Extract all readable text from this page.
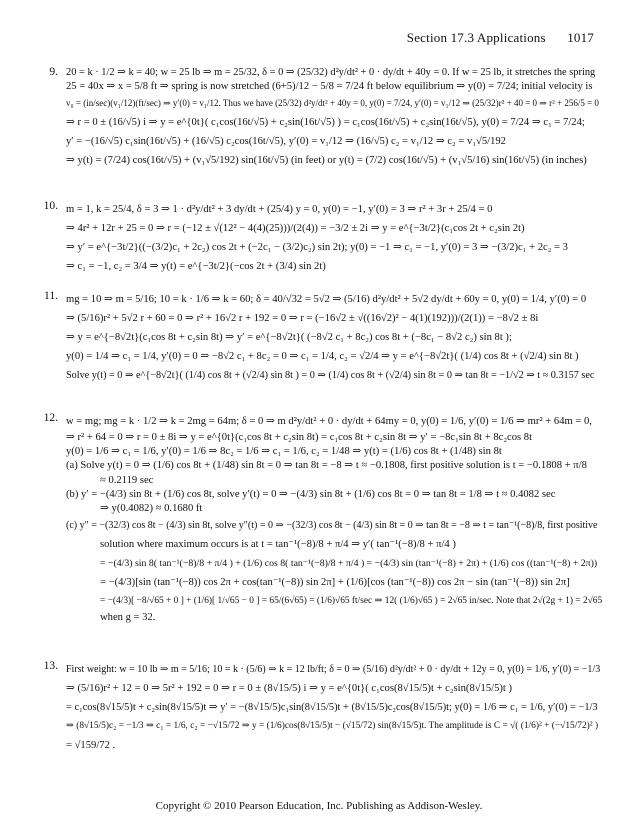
Section 17.3 Applications 1017
9. 20 = k · 1/2 ⇒ k = 40; w = 25 lb ⇒ m = 25/32, δ = 0 ⇒ (25/32) d²y/dt² + 0 · dy/dt + 40y = 0. If w = 25 lb, it stretches the spring
25 = 40x ⇒ x = 5/8 ft ⇒ spring is now stretched (6+5)/12 − 5/8 = 7/24 ft below equilibrium ⇒ y(0) = 7/24; initial velocity is
v₀ = (in/sec)(v₁/12)(ft/sec) ⇒ y′(0) = v₁/12. Thus we have (25/32) d²y/dt² + 40y = 0, y(0) = 7/24, y′(0) = v₁/12 ⇒ (25/32)r² + 40 = 0 ⇒ r² + 256/5 = 0
⇒ r = 0 ± (16/√5) i ⇒ y = e^{0t}( c₁cos(16t/√5) + c₂sin(16t/√5) ) = c₁cos(16t/√5) + c₂sin(16t/√5), y(0) = 7/24 ⇒ c₁ = 7/24;
y′ = −(16/√5) c₁sin(16t/√5) + (16/√5) c₂cos(16t/√5), y′(0) = v₁/12 ⇒ (16/√5) c₂ = v₁/12 ⇒ c₂ = v₁√5/192
⇒ y(t) = (7/24) cos(16t/√5) + (v₁√5/192) sin(16t/√5) (in feet) or y(t) = (7/2) cos(16t/√5) + (v₁√5/16) sin(16t/√5) (in inches)
10. m = 1, k = 25/4, δ = 3 ⇒ 1 · d²y/dt² + 3 dy/dt + (25/4) y = 0, y(0) = −1, y′(0) = 3 ⇒ r² + 3r + 25/4 = 0
⇒ 4r² + 12r + 25 = 0 ⇒ r = (−12 ± √(12² − 4(4)(25)))/(2(4)) = −3/2 ± 2i ⇒ y = e^{−3t/2}(c₁cos 2t + c₂sin 2t)
⇒ y′ = e^{−3t/2}((−(3/2)c₁ + 2c₂) cos 2t + (−2c₁ − (3/2)c₂) sin 2t); y(0) = −1 ⇒ c₁ = −1, y′(0) = 3 ⇒ −(3/2)c₁ + 2c₂ = 3
⇒ c₁ = −1, c₂ = 3/4 ⇒ y(t) = e^{−3t/2}(−cos 2t + (3/4) sin 2t)
11. mg = 10 ⇒ m = 5/16; 10 = k · 1/6 ⇒ k = 60; δ = 40/√32 = 5√2 ⇒ (5/16) d²y/dt² + 5√2 dy/dt + 60y = 0, y(0) = 1/4, y′(0) = 0
⇒ (5/16)r² + 5√2 r + 60 = 0 ⇒ r² + 16√2 r + 192 = 0 ⇒ r = (−16√2 ± √((16√2)² − 4(1)(192)))/(2(1)) = −8√2 ± 8i
⇒ y = e^{−8√2t}(c₁cos 8t + c₂sin 8t) ⇒ y′ = e^{−8√2t}( (−8√2 c₁ + 8c₂) cos 8t + (−8c₁ − 8√2 c₂) sin 8t );
y(0) = 1/4 ⇒ c₁ = 1/4, y′(0) = 0 ⇒ −8√2 c₁ + 8c₂ = 0 ⇒ c₁ = 1/4, c₂ = √2/4 ⇒ y = e^{−8√2t}( (1/4) cos 8t + (√2/4) sin 8t )
Solve y(t) = 0 ⇒ e^{−8√2t}( (1/4) cos 8t + (√2/4) sin 8t ) = 0 ⇒ (1/4) cos 8t + (√2/4) sin 8t = 0 ⇒ tan 8t = −1/√2 ⇒ t ≈ 0.3157 sec
12. w = mg; mg = k · 1/2 ⇒ k = 2mg = 64m; δ = 0 ⇒ m d²y/dt² + 0 · dy/dt + 64my = 0, y(0) = 1/6, y′(0) = 1/6 ⇒ mr² + 64m = 0,
⇒ r² + 64 = 0 ⇒ r = 0 ± 8i ⇒ y = e^{0t}(c₁cos 8t + c₂sin 8t) = c₁cos 8t + c₂sin 8t ⇒ y′ = −8c₁sin 8t + 8c₂cos 8t
y(0) = 1/6 ⇒ c₁ = 1/6, y′(0) = 1/6 ⇒ 8c₂ = 1/6 ⇒ c₁ = 1/6, c₂ = 1/48 ⇒ y(t) = (1/6) cos 8t + (1/48) sin 8t
(a) Solve y(t) = 0 ⇒ (1/6) cos 8t + (1/48) sin 8t = 0 ⇒ tan 8t = −8 ⇒ t ≈ −0.1808, first positive solution is t = −0.1808 + π/8
≈ 0.2119 sec
(b) y′ = −(4/3) sin 8t + (1/6) cos 8t, solve y′(t) = 0 ⇒ −(4/3) sin 8t + (1/6) cos 8t = 0 ⇒ tan 8t = 1/8 ⇒ t ≈ 0.4082 sec
⇒ y(0.4082) ≈ 0.1680 ft
(c) y″ = −(32/3) cos 8t − (4/3) sin 8t, solve y″(t) = 0 ⇒ −(32/3) cos 8t − (4/3) sin 8t = 0 ⇒ tan 8t = −8 ⇒ t = tan⁻¹(−8)/8, first positive
solution where maximum occurs is at t = tan⁻¹(−8)/8 + π/4 ⇒ y′( tan⁻¹(−8)/8 + π/4 )
= −(4/3) sin 8( tan⁻¹(−8)/8 + π/4 ) + (1/6) cos 8( tan⁻¹(−8)/8 + π/4 ) = −(4/3) sin (tan⁻¹(−8) + 2π) + (1/6) cos ((tan⁻¹(−8) + 2π))
= −(4/3)[sin (tan⁻¹(−8)) cos 2π + cos(tan⁻¹(−8)) sin 2π] + (1/6)[cos (tan⁻¹(−8)) cos 2π − sin (tan⁻¹(−8)) sin 2π]
= −(4/3)[ −8/√65 + 0 ] + (1/6)[ 1/√65 − 0 ] = 65/(6√65) = (1/6)√65 ft/sec ⇒ 12( (1/6)√65 ) = 2√65 in/sec. Note that 2√(2g + 1) = 2√65
when g = 32.
13. First weight: w = 10 lb ⇒ m = 5/16; 10 = k · (5/6) ⇒ k = 12 lb/ft; δ = 0 ⇒ (5/16) d²y/dt² + 0 · dy/dt + 12y = 0, y(0) = 1/6, y′(0) = −1/3
⇒ (5/16)r² + 12 = 0 ⇒ 5r² + 192 = 0 ⇒ r = 0 ± (8√15/5) i ⇒ y = e^{0t}( c₁cos(8√15/5)t + c₂sin(8√15/5)t )
= c₁cos(8√15/5)t + c₂sin(8√15/5)t ⇒ y′ = −(8√15/5)c₁sin(8√15/5)t + (8√15/5)c₂cos(8√15/5)t; y(0) = 1/6 ⇒ c₁ = 1/6, y′(0) = −1/3
⇒ (8√15/5)c₂ = −1/3 ⇒ c₁ = 1/6, c₂ = −√15/72 ⇒ y = (1/6)cos(8√15/5)t − (√15/72) sin(8√15/5)t. The amplitude is C = √( (1/6)² + (−√15/72)² )
= √159/72 .
Copyright © 2010 Pearson Education, Inc. Publishing as Addison-Wesley.
